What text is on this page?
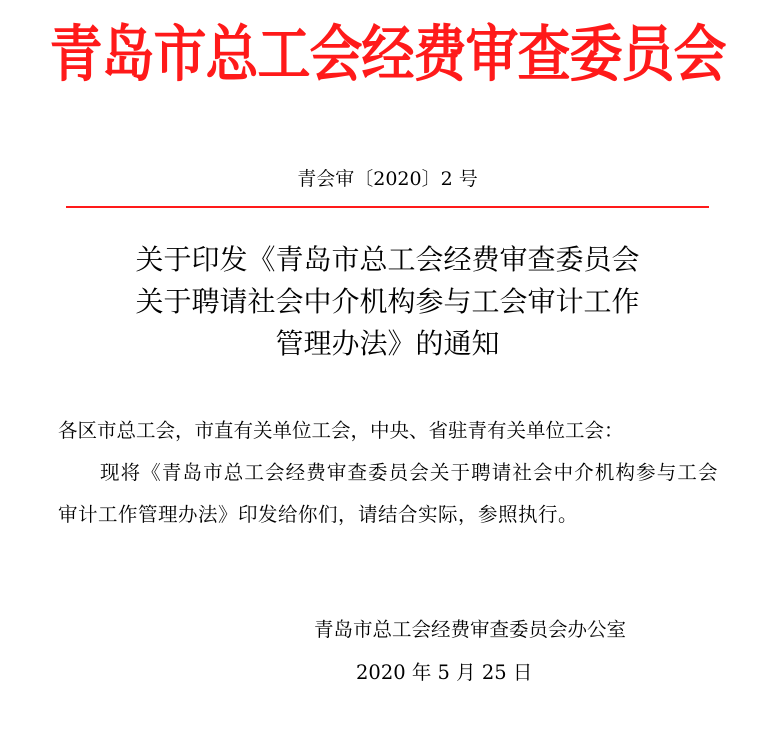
青岛市总工会经费审查委员会
青会审〔2020〕2 号
关于印发《青岛市总工会经费审查委员会
关于聘请社会中介机构参与工会审计工作
管理办法》的通知
各区市总工会，市直有关单位工会，中央、省驻青有关单位工会：
现将《青岛市总工会经费审查委员会关于聘请社会中介机构参与工会审计工作管理办法》印发给你们，请结合实际，参照执行。
青岛市总工会经费审查委员会办公室
2020 年 5 月 25 日
